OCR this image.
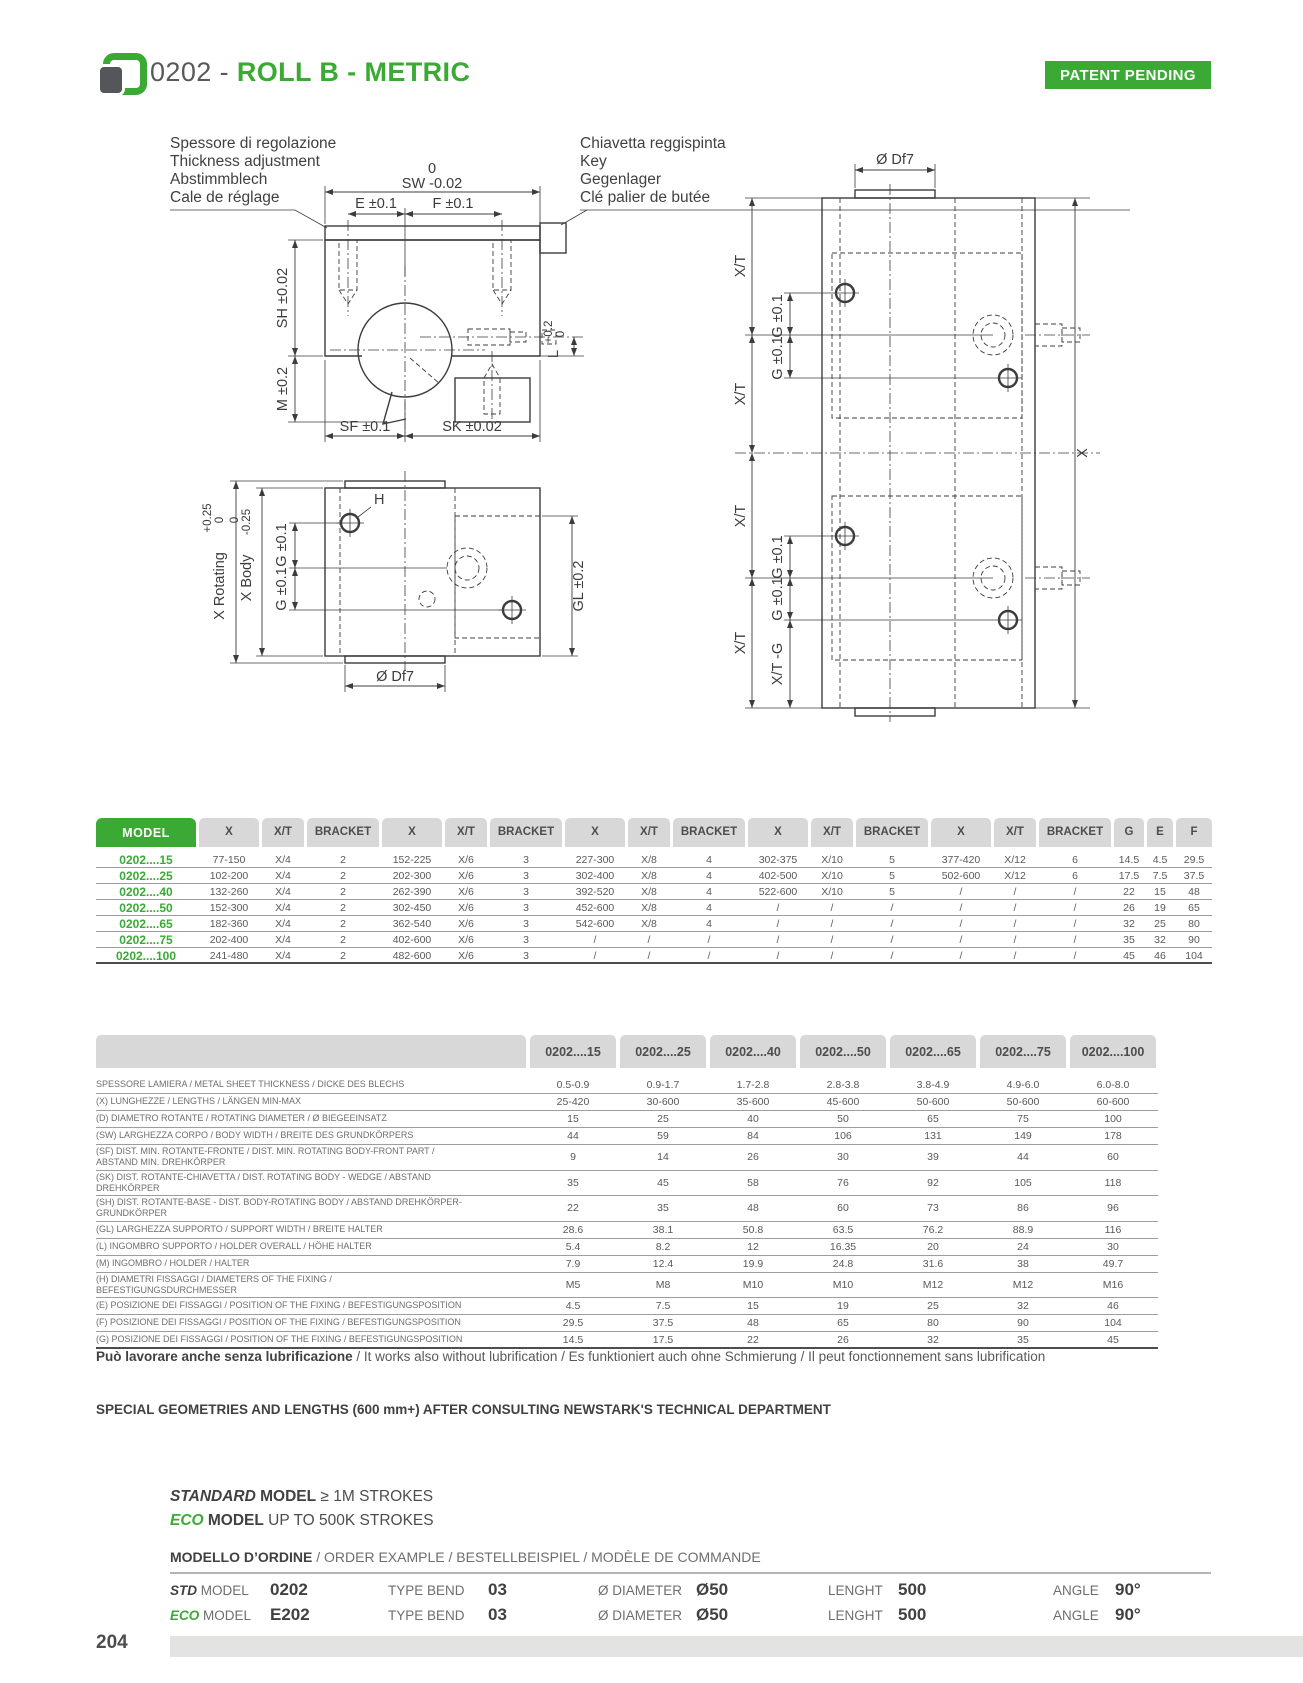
0202 - ROLL B - METRIC	PATENT PENDING
Spessore di regolazione
Thickness adjustment
Abstimmblech
Cale de réglage
Chiavetta reggispinta
Key
Gegenlager
Clé palier de butée
0
SW -0.02
E ±0.1 F ±0.1
SH ±0.02
M ±0.2
SF ±0.1	SK ±0.02
+0.2 0
L
H
X Rotating
+0.25 0
X Body
0 -0.25
G ±0.1
G ±0.1	GL ±0.2
Ø Df7
Ø Df7
G ±0.1
G ±0.1
G ±0.1
G ±0.1
X/T
X/T
X/T
X/T X/T -G
X
MODEL	X	X/T	BRACKET	X	X/T	BRACKET	X	X/T	BRACKET	X	X/T	BRACKET	X	X/T	BRACKET	G	E	F
0202....15	77-150	X/4	2	152-225	X/6	3	227-300	X/8	4	302-375	X/10	5	377-420	X/12	6	14.5	4.5	29.5
0202....25	102-200	X/4	2	202-300	X/6	3	302-400	X/8	4	402-500	X/10	5	502-600	X/12	6	17.5	7.5	37.5
0202....40	132-260	X/4	2	262-390	X/6	3	392-520	X/8	4	522-600	X/10	5	/	/	/	22	15	48
0202....50	152-300	X/4	2	302-450	X/6	3	452-600	X/8	4	/	/	/	/	/	/	26	19	65
0202....65	182-360	X/4	2	362-540	X/6	3	542-600	X/8	4	/	/	/	/	/	/	32	25	80
0202....75	202-400	X/4	2	402-600	X/6	3	/	/	/	/	/	/	/	/	/	35	32	90
0202....100	241-480	X/4	2	482-600	X/6	3	/	/	/	/	/	/	/	/	/	45	46	104
0202....15	0202....25	0202....40	0202....50	0202....65	0202....75	0202....100
SPESSORE LAMIERA / METAL SHEET THICKNESS / DICKE DES BLECHS	0.5-0.9	0.9-1.7	1.7-2.8	2.8-3.8	3.8-4.9	4.9-6.0	6.0-8.0
(X) LUNGHEZZE / LENGTHS / LÄNGEN MIN-MAX	25-420	30-600	35-600	45-600	50-600	50-600	60-600
(D) DIAMETRO ROTANTE / ROTATING DIAMETER / Ø BIEGEEINSATZ	15	25	40	50	65	75	100
(SW) LARGHEZZA CORPO / BODY WIDTH / BREITE DES GRUNDKÖRPERS	44	59	84	106	131	149	178
(SF) DIST. MIN. ROTANTE-FRONTE / DIST. MIN. ROTATING BODY-FRONT PART / ABSTAND MIN. DREHKÖRPER	9	14	26	30	39	44	60
(SK) DIST. ROTANTE-CHIAVETTA / DIST. ROTATING BODY - WEDGE / ABSTAND DREHKÖRPER	35	45	58	76	92	105	118
(SH) DIST. ROTANTE-BASE - DIST. BODY-ROTATING BODY / ABSTAND DREHKÖRPER-GRUNDKÖRPER	22	35	48	60	73	86	96
(GL) LARGHEZZA SUPPORTO / SUPPORT WIDTH / BREITE HALTER	28.6	38.1	50.8	63.5	76.2	88.9	116
(L) INGOMBRO SUPPORTO / HOLDER OVERALL / HÖHE HALTER	5.4	8.2	12	16.35	20	24	30
(M) INGOMBRO / HOLDER / HALTER	7.9	12.4	19.9	24.8	31.6	38	49.7
(H) DIAMETRI FISSAGGI / DIAMETERS OF THE FIXING / BEFESTIGUNGSDURCHMESSER	M5	M8	M10	M10	M12	M12	M16
(E) POSIZIONE DEI FISSAGGI / POSITION OF THE FIXING / BEFESTIGUNGSPOSITION	4.5	7.5	15	19	25	32	46
(F) POSIZIONE DEI FISSAGGI / POSITION OF THE FIXING / BEFESTIGUNGSPOSITION	29.5	37.5	48	65	80	90	104
(G) POSIZIONE DEI FISSAGGI / POSITION OF THE FIXING / BEFESTIGUNGSPOSITION	14.5	17.5	22	26	32	35	45
Può lavorare anche senza lubrificazione / It works also without lubrification / Es funktioniert auch ohne Schmierung / Il peut fonctionnement sans lubrification
SPECIAL GEOMETRIES AND LENGTHS (600 mm+) AFTER CONSULTING NEWSTARK'S TECHNICAL DEPARTMENT
STANDARD MODEL ≥ 1M STROKES
ECO MODEL UP TO 500K STROKES
MODELLO D’ORDINE / ORDER EXAMPLE / BESTELLBEISPIEL / MODÈLE DE COMMANDE
STD MODEL	0202	TYPE BEND	03	Ø DIAMETER Ø50	LENGHT 500	ANGLE 90°
ECO MODEL	E202	TYPE BEND	03	Ø DIAMETER Ø50	LENGHT 500	ANGLE 90°
204
